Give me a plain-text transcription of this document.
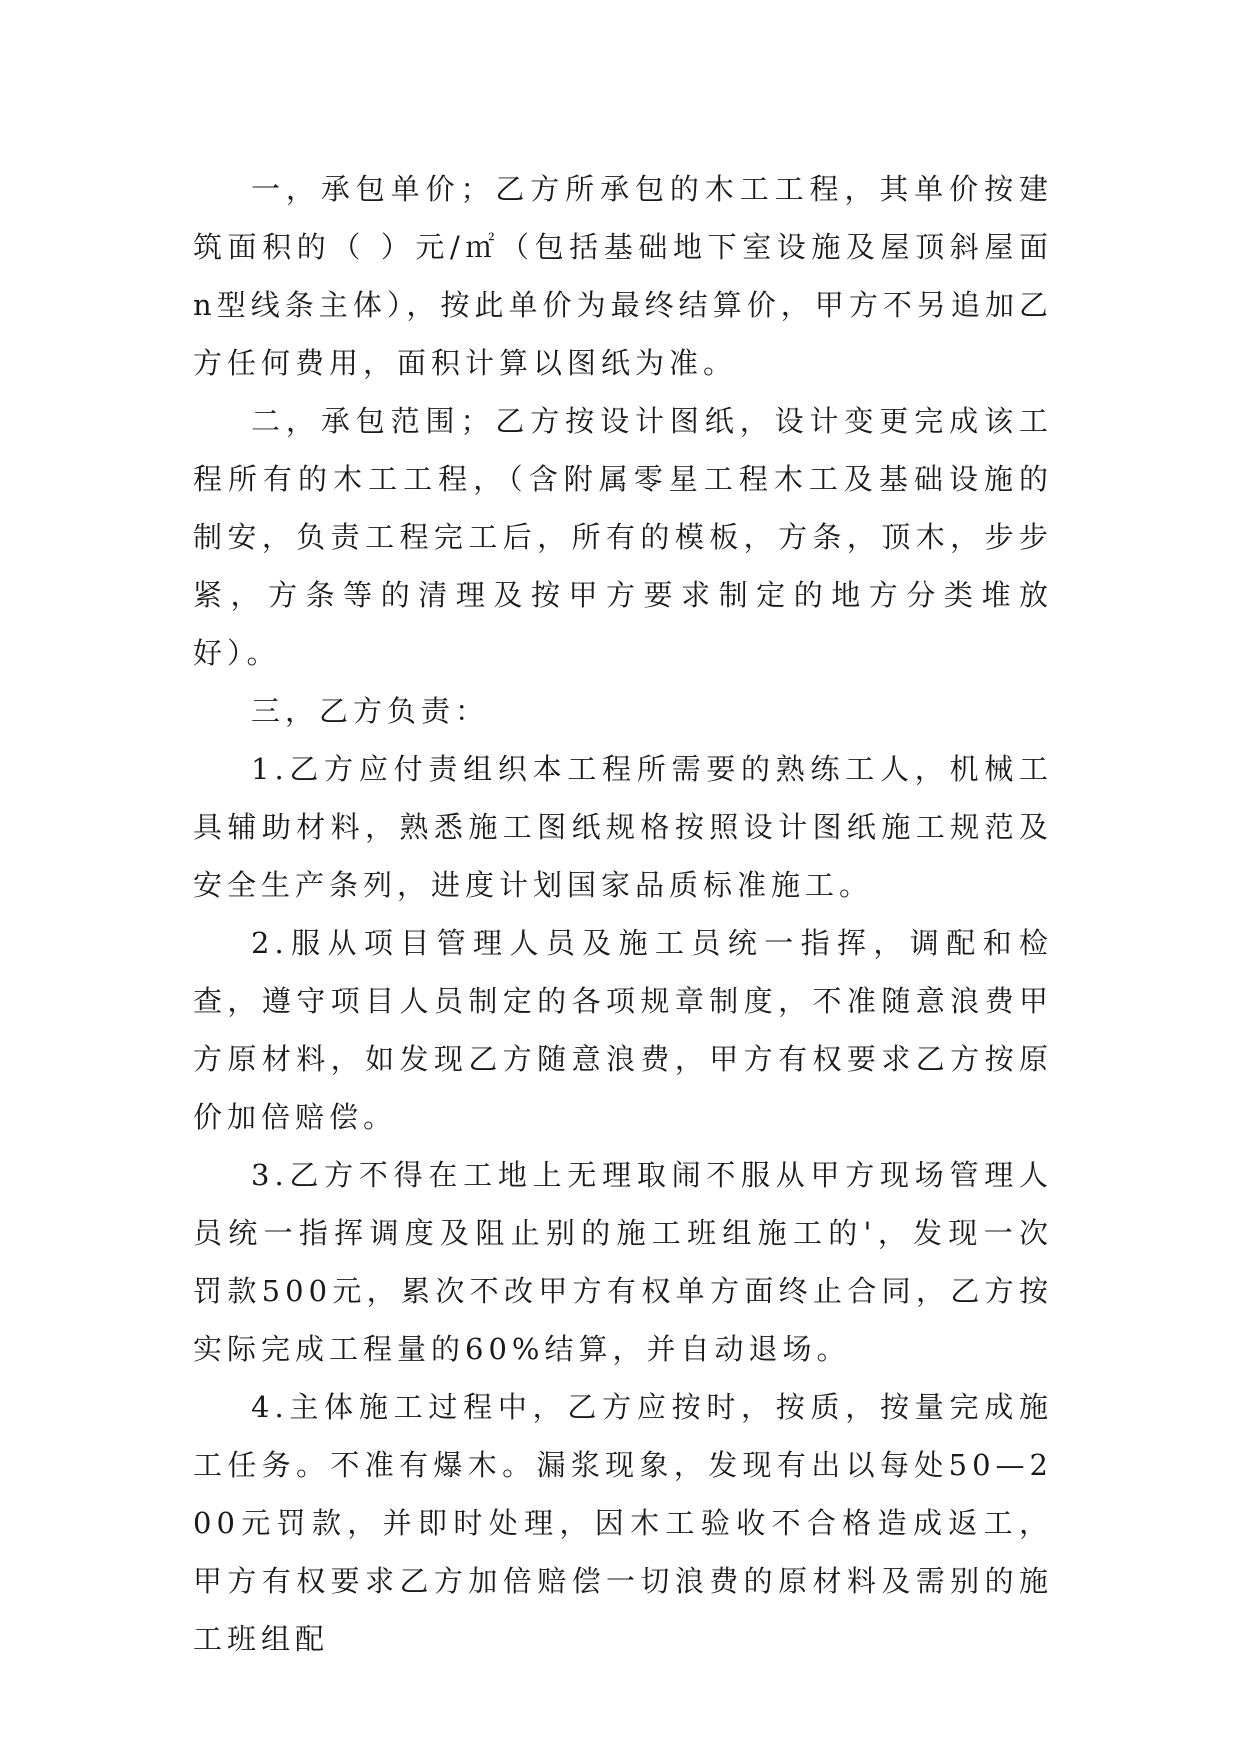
一，承包单价；乙方所承包的木工工程，其单价按建筑面积的（ ）元/㎡（包括基础地下室设施及屋顶斜屋面n型线条主体），按此单价为最终结算价，甲方不另追加乙方任何费用，面积计算以图纸为准。

二，承包范围；乙方按设计图纸，设计变更完成该工程所有的木工工程，（含附属零星工程木工及基础设施的制安，负责工程完工后，所有的模板，方条，顶木，步步紧，方条等的清理及按甲方要求制定的地方分类堆放好）。

三，乙方负责：

1.乙方应付责组织本工程所需要的熟练工人，机械工具辅助材料，熟悉施工图纸规格按照设计图纸施工规范及安全生产条列，进度计划国家品质标准施工。

2.服从项目管理人员及施工员统一指挥，调配和检查，遵守项目人员制定的各项规章制度，不准随意浪费甲方原材料，如发现乙方随意浪费，甲方有权要求乙方按原价加倍赔偿。

3.乙方不得在工地上无理取闹不服从甲方现场管理人员统一指挥调度及阻止别的施工班组施工的'，发现一次罚款500元，累次不改甲方有权单方面终止合同，乙方按实际完成工程量的60%结算，并自动退场。

4.主体施工过程中，乙方应按时，按质，按量完成施工任务。不准有爆木。漏浆现象，发现有出以每处50—200元罚款，并即时处理，因木工验收不合格造成返工，甲方有权要求乙方加倍赔偿一切浪费的原材料及需别的施工班组配
